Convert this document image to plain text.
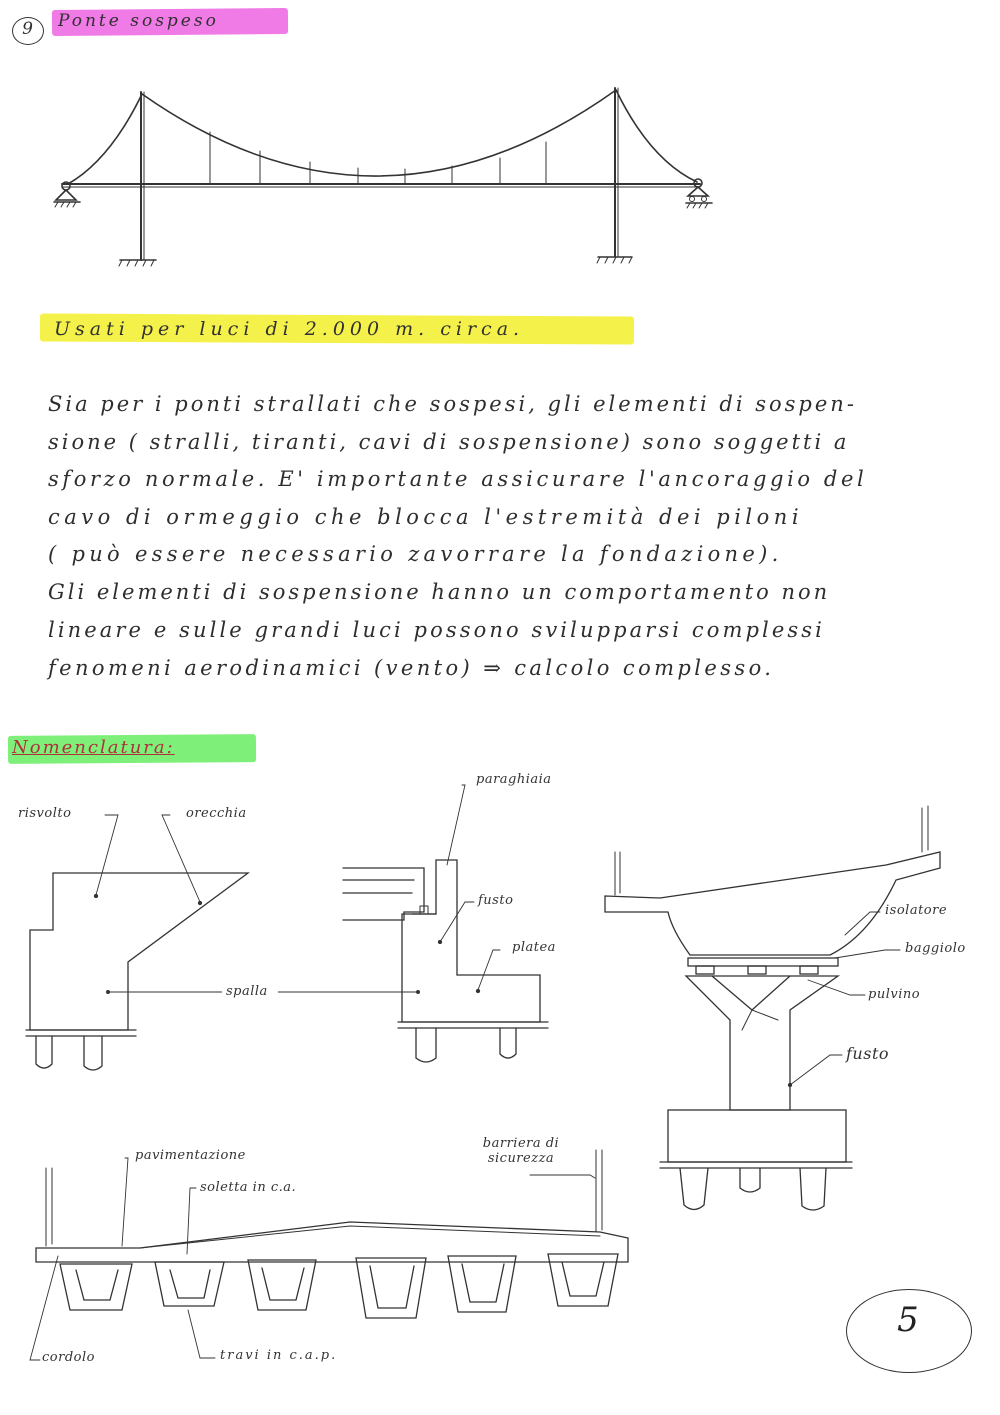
9	Ponte sospeso
Usati per luci di 2.000 m. circa.
Sia per i ponti strallati che sospesi, gli elementi di sospen-
sione ( stralli, tiranti, cavi di sospensione) sono soggetti a
sforzo normale. E' importante assicurare l'ancoraggio del
cavo di ormeggio che blocca l'estremità dei piloni
( può essere necessario zavorrare la fondazione).
Gli elementi di sospensione hanno un comportamento non
lineare e sulle grandi luci possono svilupparsi complessi
fenomeni aerodinamici (vento) ⇒ calcolo complesso.
Nomenclatura:
risvolto	orecchia
paraghiaia
fusto
platea
spalla
isolatore
baggiolo
pulvino
fusto
barriera di sicurezza
pavimentazione
soletta in c.a.
cordolo	travi in c.a.p.
5
